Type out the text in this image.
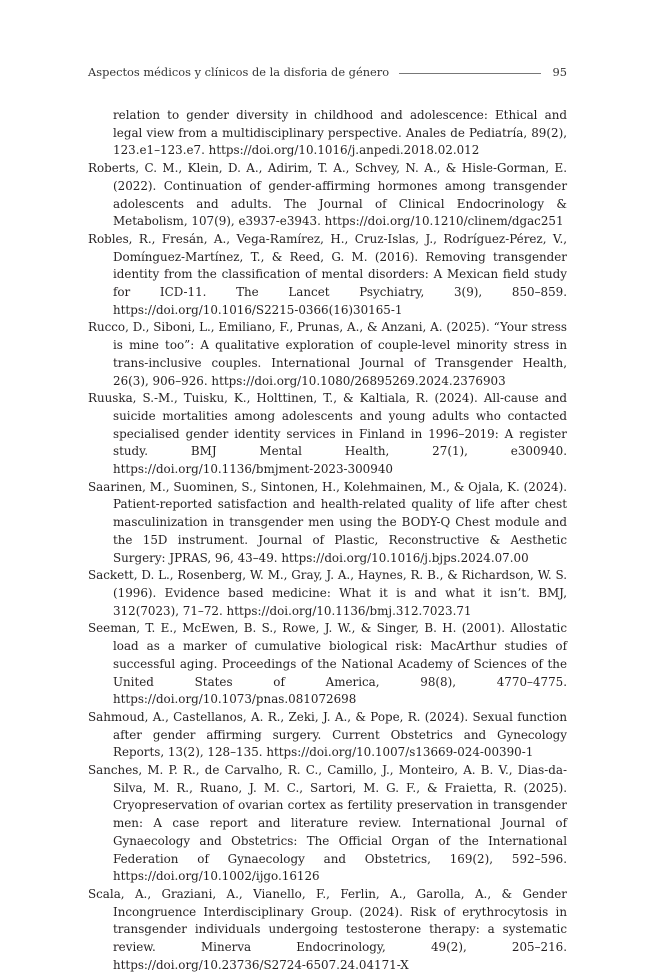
Aspectos médicos y clínicos de la disforia de género	95

relation to gender diversity in childhood and adolescence: Ethical and legal view from a multidisciplinary perspective. Anales de Pediatría, 89(2), 123.e1–123.e7. https://doi.org/10.1016/j.anpedi.2018.02.012

Roberts, C. M., Klein, D. A., Adirim, T. A., Schvey, N. A., & Hisle-Gorman, E. (2022). Continuation of gender-affirming hormones among transgender adolescents and adults. The Journal of Clinical Endocrinology & Metabolism, 107(9), e3937-e3943. https://doi.org/10.1210/clinem/dgac251

Robles, R., Fresán, A., Vega-Ramírez, H., Cruz-Islas, J., Rodríguez-Pérez, V., Domínguez-Martínez, T., & Reed, G. M. (2016). Removing transgender identity from the classification of mental disorders: A Mexican field study for ICD-11. The Lancet Psychiatry, 3(9), 850–859. https://doi.org/10.1016/S2215-0366(16)30165-1

Rucco, D., Siboni, L., Emiliano, F., Prunas, A., & Anzani, A. (2025). “Your stress is mine too”: A qualitative exploration of couple-level minority stress in trans-inclusive couples. International Journal of Transgender Health, 26(3), 906–926. https://doi.org/10.1080/26895269.2024.2376903

Ruuska, S.-M., Tuisku, K., Holttinen, T., & Kaltiala, R. (2024). All-cause and suicide mortalities among adolescents and young adults who contacted specialised gender identity services in Finland in 1996–2019: A register study. BMJ Mental Health, 27(1), e300940. https://doi.org/10.1136/bmjment-2023-300940

Saarinen, M., Suominen, S., Sintonen, H., Kolehmainen, M., & Ojala, K. (2024). Patient-reported satisfaction and health-related quality of life after chest masculinization in transgender men using the BODY-Q Chest module and the 15D instrument. Journal of Plastic, Reconstructive & Aesthetic Surgery: JPRAS, 96, 43–49. https://doi.org/10.1016/j.bjps.2024.07.00

Sackett, D. L., Rosenberg, W. M., Gray, J. A., Haynes, R. B., & Richardson, W. S. (1996). Evidence based medicine: What it is and what it isn’t. BMJ, 312(7023), 71–72. https://doi.org/10.1136/bmj.312.7023.71

Seeman, T. E., McEwen, B. S., Rowe, J. W., & Singer, B. H. (2001). Allostatic load as a marker of cumulative biological risk: MacArthur studies of successful aging. Proceedings of the National Academy of Sciences of the United States of America, 98(8), 4770–4775. https://doi.org/10.1073/pnas.081072698

Sahmoud, A., Castellanos, A. R., Zeki, J. A., & Pope, R. (2024). Sexual function after gender affirming surgery. Current Obstetrics and Gynecology Reports, 13(2), 128–135. https://doi.org/10.1007/s13669-024-00390-1

Sanches, M. P. R., de Carvalho, R. C., Camillo, J., Monteiro, A. B. V., Dias-da-Silva, M. R., Ruano, J. M. C., Sartori, M. G. F., & Fraietta, R. (2025). Cryopreservation of ovarian cortex as fertility preservation in transgender men: A case report and literature review. International Journal of Gynaecology and Obstetrics: The Official Organ of the International Federation of Gynaecology and Obstetrics, 169(2), 592–596. https://doi.org/10.1002/ijgo.16126

Scala, A., Graziani, A., Vianello, F., Ferlin, A., Garolla, A., & Gender Incongruence Interdisciplinary Group. (2024). Risk of erythrocytosis in transgender individuals undergoing testosterone therapy: a systematic review. Minerva Endocrinology, 49(2), 205–216. https://doi.org/10.23736/S2724-6507.24.04171-X
